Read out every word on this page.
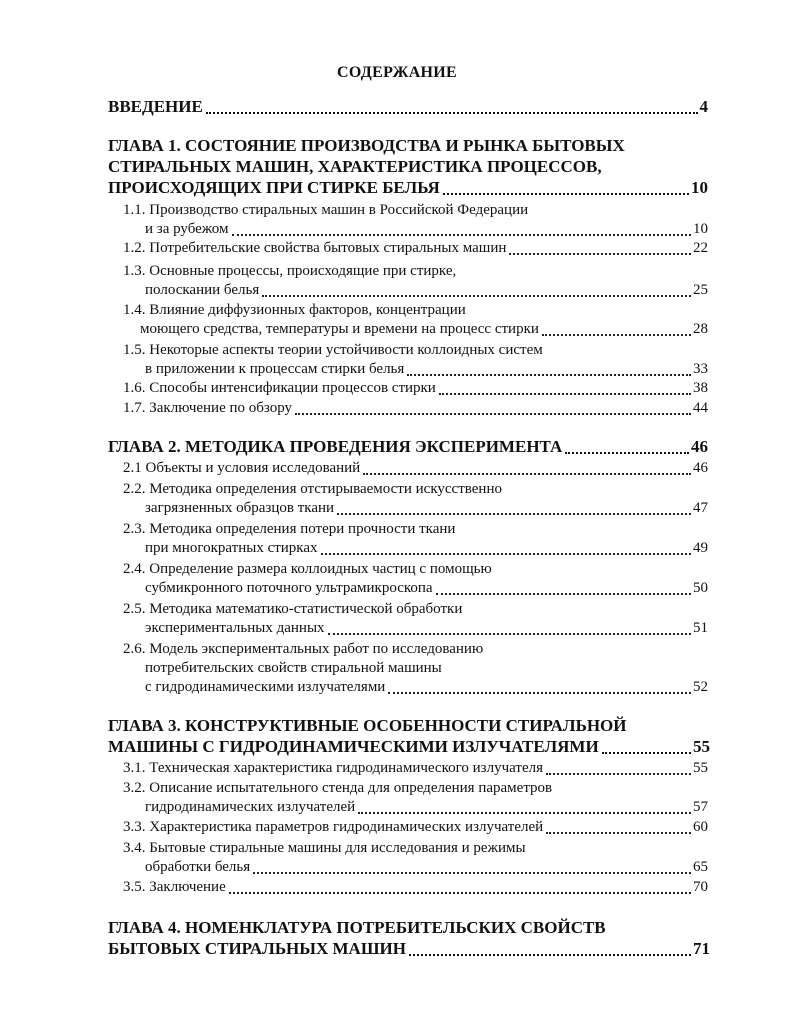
СОДЕРЖАНИЕ
ВВЕДЕНИЕ	4
ГЛАВА 1. СОСТОЯНИЕ ПРОИЗВОДСТВА И РЫНКА БЫТОВЫХ
СТИРАЛЬНЫХ МАШИН, ХАРАКТЕРИСТИКА ПРОЦЕССОВ,
ПРОИСХОДЯЩИХ ПРИ СТИРКЕ БЕЛЬЯ	10
1.1. Производство стиральных машин в Российской Федерации
и за рубежом	10
1.2. Потребительские свойства бытовых стиральных машин	22
1.3. Основные процессы, происходящие при стирке,
полоскании белья	25
1.4. Влияние диффузионных факторов, концентрации
моющего средства, температуры и времени на процесс стирки	28
1.5. Некоторые аспекты теории устойчивости коллоидных систем
в приложении к процессам стирки белья	33
1.6. Способы интенсификации процессов стирки	38
1.7. Заключение по обзору	44
ГЛАВА 2. МЕТОДИКА ПРОВЕДЕНИЯ ЭКСПЕРИМЕНТА	46
2.1 Объекты и условия исследований	46
2.2. Методика определения отстирываемости искусственно
загрязненных образцов ткани	47
2.3. Методика определения потери прочности ткани
при многократных стирках	49
2.4. Определение размера коллоидных частиц с помощью
субмикронного поточного ультрамикроскопа	50
2.5. Методика математико-статистической обработки
экспериментальных данных	51
2.6. Модель экспериментальных работ по исследованию
потребительских свойств стиральной машины
с гидродинамическими излучателями	52
ГЛАВА 3. КОНСТРУКТИВНЫЕ ОСОБЕННОСТИ СТИРАЛЬНОЙ
МАШИНЫ С ГИДРОДИНАМИЧЕСКИМИ ИЗЛУЧАТЕЛЯМИ	55
3.1. Техническая характеристика гидродинамического излучателя	55
3.2. Описание испытательного стенда для определения параметров
гидродинамических излучателей	57
3.3. Характеристика параметров гидродинамических излучателей	60
3.4. Бытовые стиральные машины для исследования и режимы
обработки белья	65
3.5. Заключение	70
ГЛАВА 4. НОМЕНКЛАТУРА ПОТРЕБИТЕЛЬСКИХ СВОЙСТВ
БЫТОВЫХ СТИРАЛЬНЫХ МАШИН	71
